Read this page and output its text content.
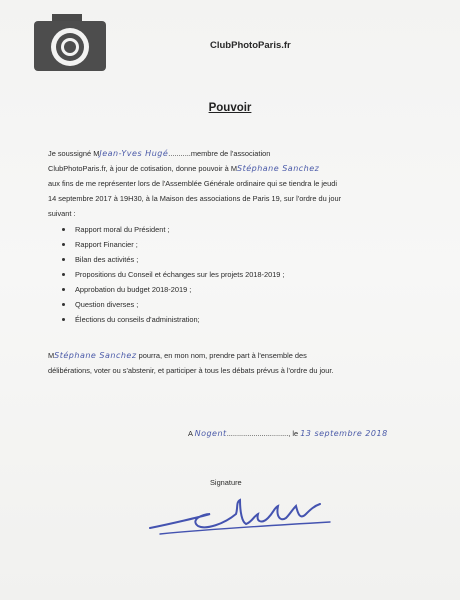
ClubPhotoParis.fr
Pouvoir
Je soussigné MJean-Yves Hugé...........membre de l'association
ClubPhotoParis.fr, à jour de cotisation, donne pouvoir à MStéphane Sanchez
aux fins de me représenter lors de l'Assemblée Générale ordinaire qui se tiendra le jeudi
14 septembre 2017 à 19H30, à la Maison des associations de Paris 19, sur l'ordre du jour
suivant :
Rapport moral du Président ;
Rapport Financier ;
Bilan des activités ;
Propositions du Conseil et échanges sur les projets 2018-2019 ;
Approbation du budget 2018-2019 ;
Question diverses ;
Élections du conseils d'administration;
MStéphane Sanchez pourra, en mon nom, prendre part à l'ensemble des
délibérations, voter ou s'abstenir, et participer à tous les débats prévus à l'ordre du jour.
A Nogent.............................., le 13 septembre 2018
Signature
